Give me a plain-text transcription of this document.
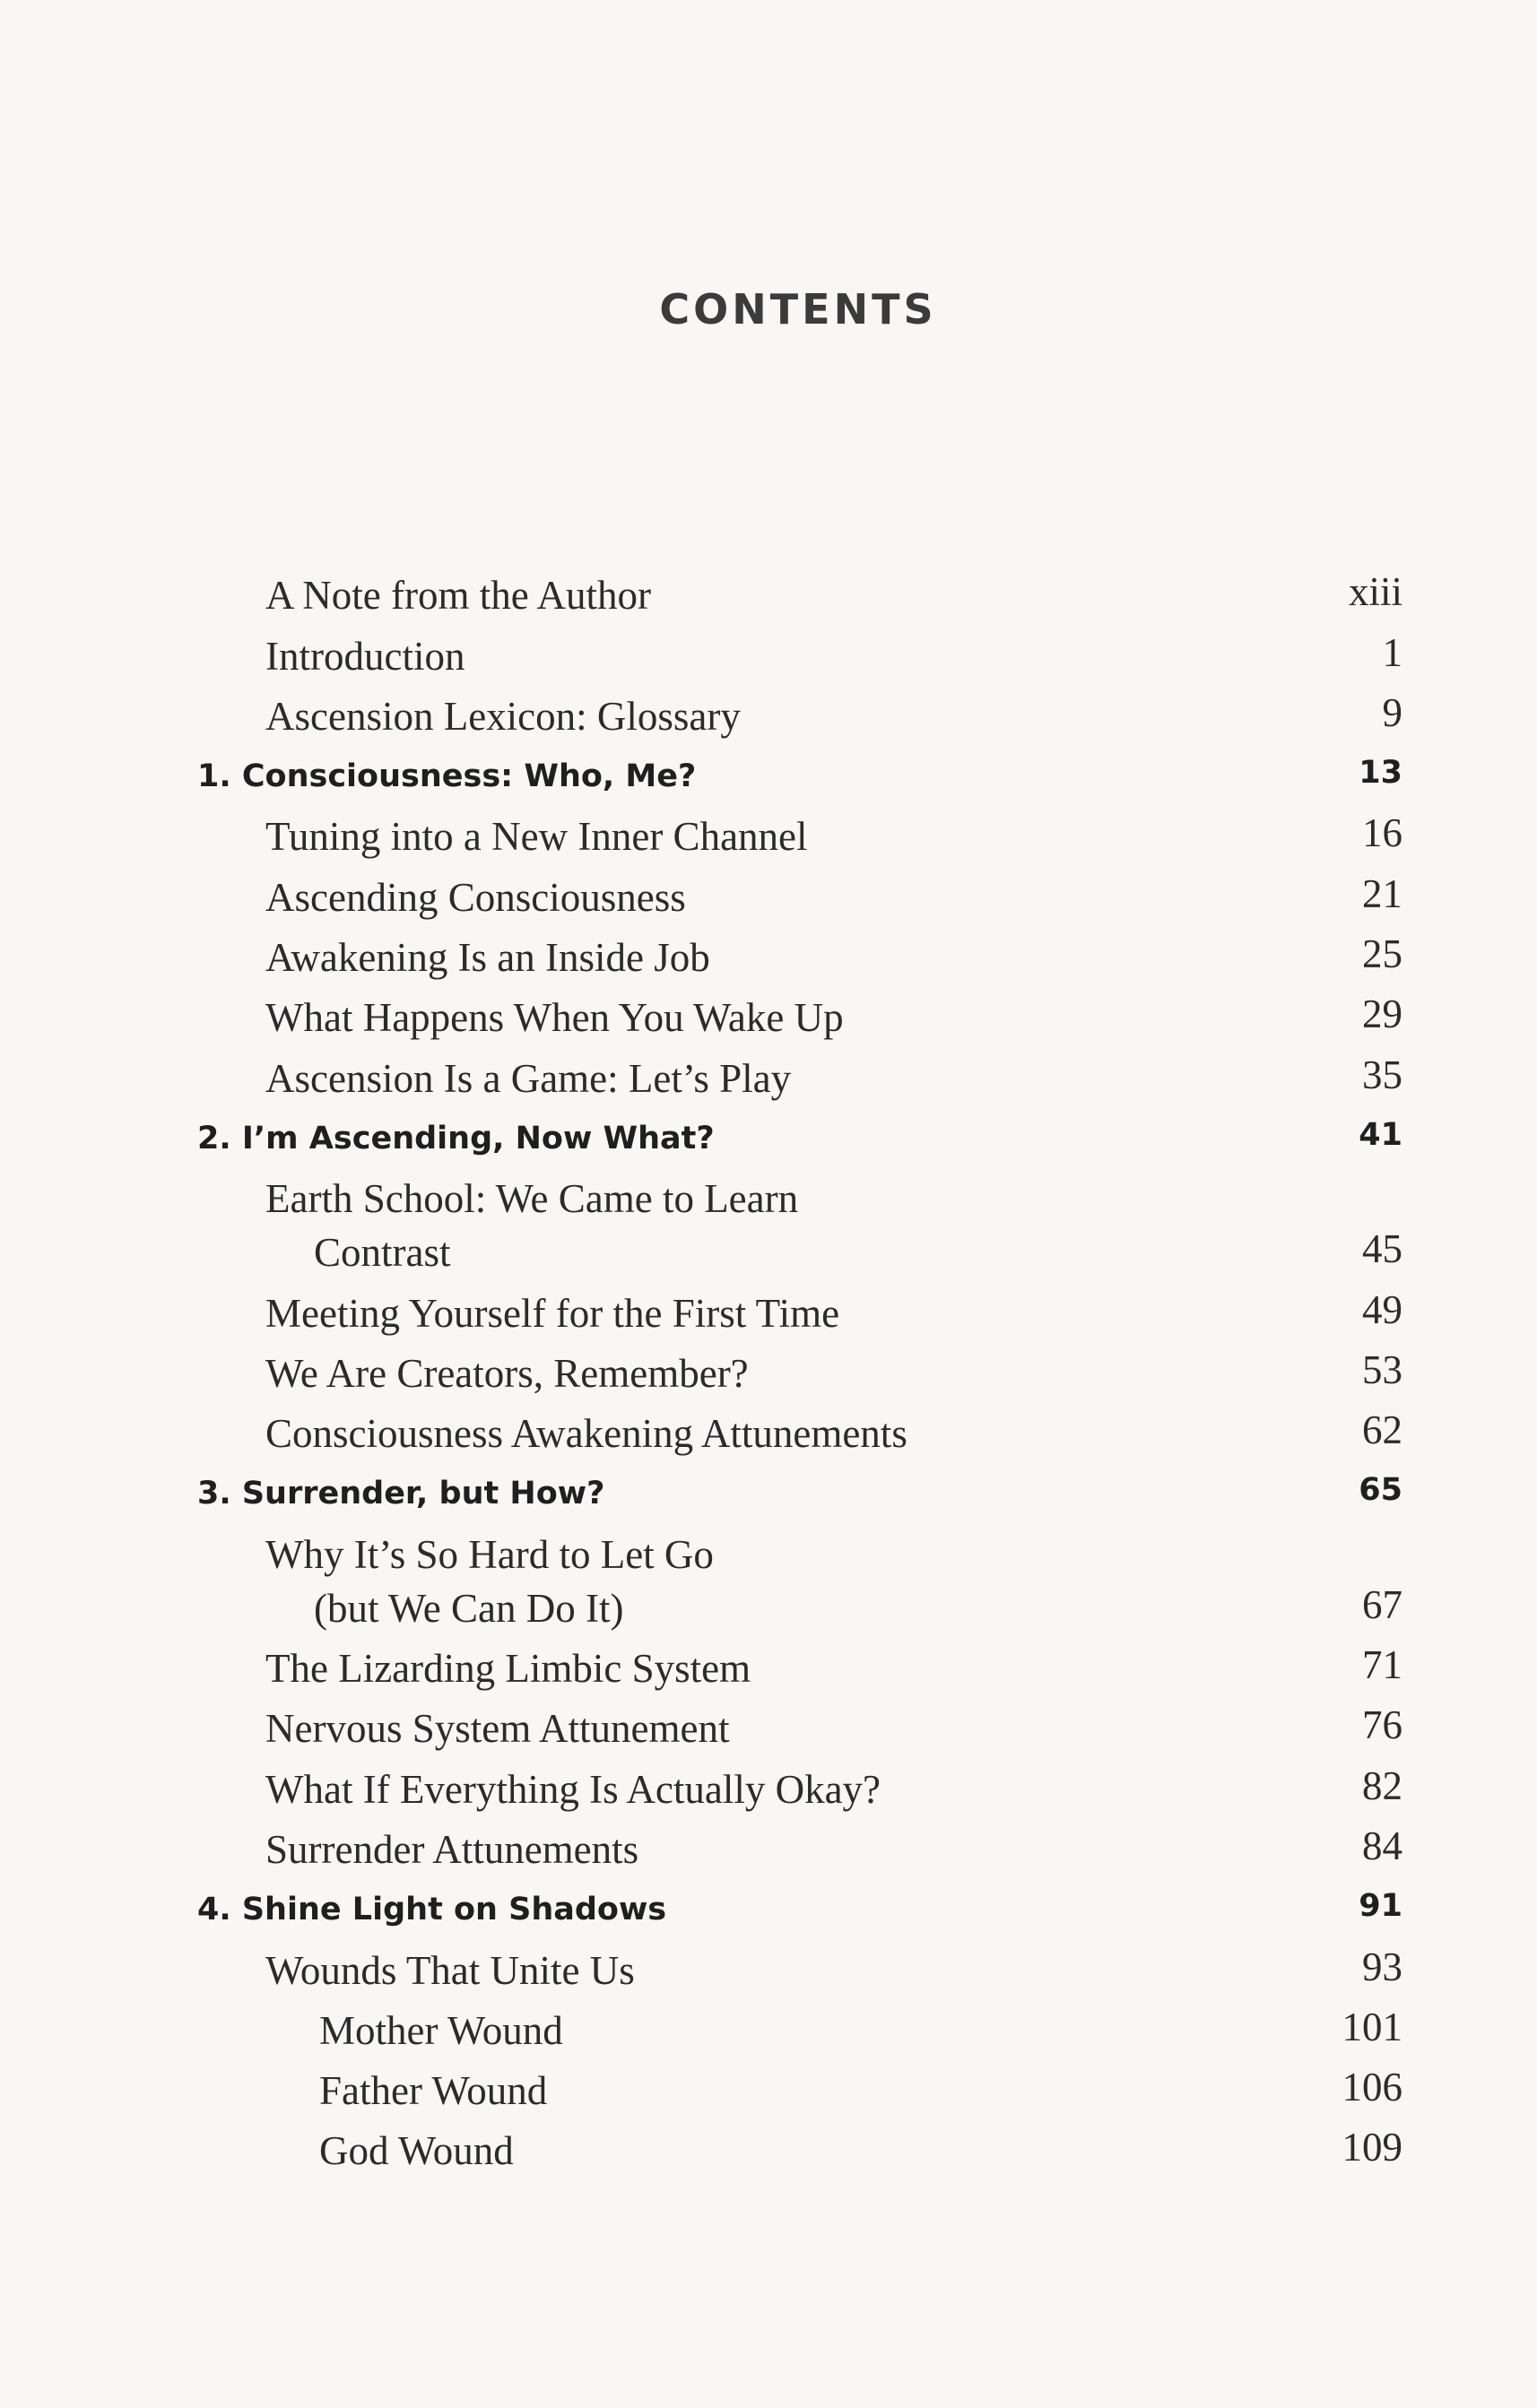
CONTENTS
A Note from the Author	xiii
Introduction	1
Ascension Lexicon: Glossary	9
1. Consciousness: Who, Me?	13
Tuning into a New Inner Channel	16
Ascending Consciousness	21
Awakening Is an Inside Job	25
What Happens When You Wake Up	29
Ascension Is a Game: Let’s Play	35
2. I’m Ascending, Now What?	41
Earth School: We Came to Learn
Contrast	45
Meeting Yourself for the First Time	49
We Are Creators, Remember?	53
Consciousness Awakening Attunements	62
3. Surrender, but How?	65
Why It’s So Hard to Let Go
(but We Can Do It)	67
The Lizarding Limbic System	71
Nervous System Attunement	76
What If Everything Is Actually Okay?	82
Surrender Attunements	84
4. Shine Light on Shadows	91
Wounds That Unite Us	93
Mother Wound	101
Father Wound	106
God Wound	109
